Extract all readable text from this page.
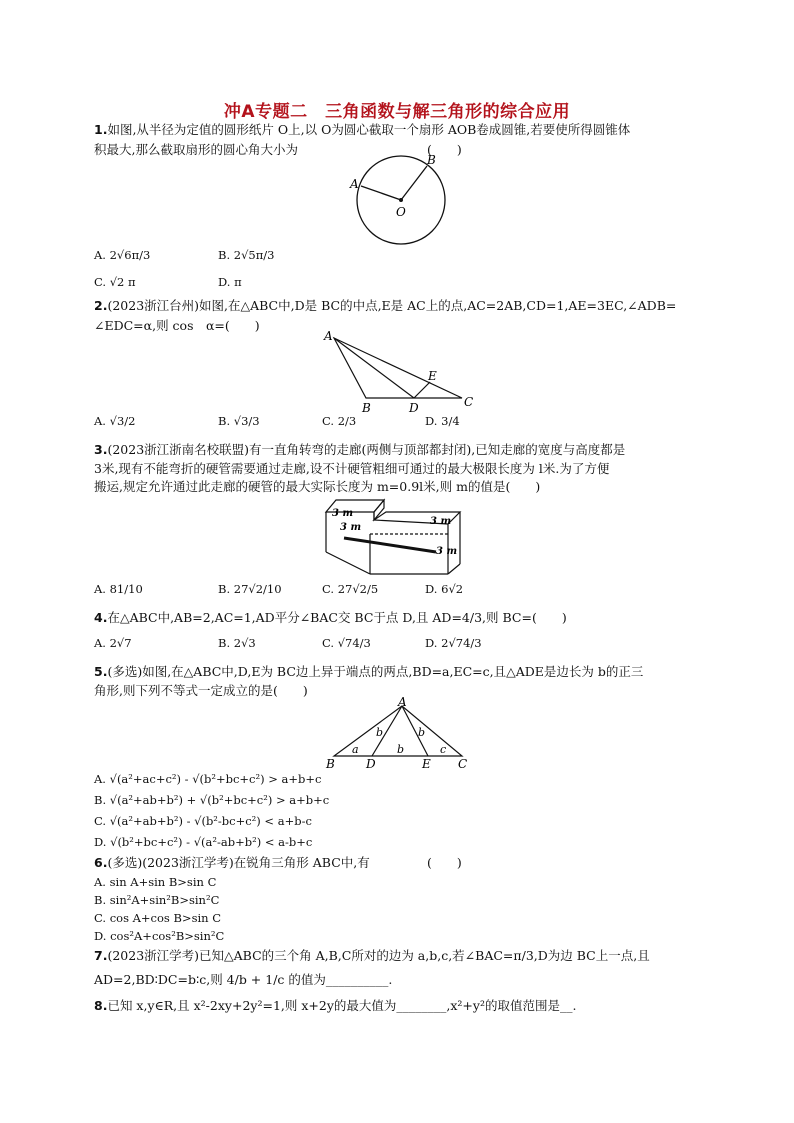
冲A专题二　三角函数与解三角形的综合应用
1.如图,从半径为定值的圆形纸片 O上,以 O为圆心截取一个扇形 AOB卷成圆锥,若要使所得圆锥体
积最大,那么截取扇形的圆心角大小为	(　　)
A
B
O
A. 2√6π/3	B. 2√5π/3
C. √2 π	D. π
2.(2023浙江台州)如图,在△ABC中,D是 BC的中点,E是 AC上的点,AC=2AB,CD=1,AE=3EC,∠ADB=
∠EDC=α,则 cos　α=(　　)
A
B	D
E
C
A. √3/2	B. √3/3	C. 2/3	D. 3/4
3.(2023浙江浙南名校联盟)有一直角转弯的走廊(两侧与顶部都封闭),已知走廊的宽度与高度都是
3米,现有不能弯折的硬管需要通过走廊,设不计硬管粗细可通过的最大极限长度为 l米.为了方便
搬运,规定允许通过此走廊的硬管的最大实际长度为 m=0.9l米,则 m的值是(　　)
3 m
3 m
3 m
3 m
A. 81/10	B. 27√2/10	C. 27√2/5	D. 6√2
4.在△ABC中,AB=2,AC=1,AD平分∠BAC交 BC于点 D,且 AD=4/3,则 BC=(　　)
A. 2√7	B. 2√3	C. √74/3	D. 2√74/3
5.(多选)如图,在△ABC中,D,E为 BC边上异于端点的两点,BD=a,EC=c,且△ADE是边长为 b的正三
角形,则下列不等式一定成立的是(　　)
A
B	D	E C
a
b
b
b
c
A. √(a²+ac+c²) - √(b²+bc+c²) > a+b+c
B. √(a²+ab+b²) + √(b²+bc+c²) > a+b+c
C. √(a²+ab+b²) - √(b²-bc+c²) < a+b-c
D. √(b²+bc+c²) - √(a²-ab+b²) < a-b+c
6.(多选)(2023浙江学考)在锐角三角形 ABC中,有	(　　)
A. sin A+sin B>sin C
B. sin²A+sin²B>sin²C
C. cos A+cos B>sin C
D. cos²A+cos²B>sin²C
7.(2023浙江学考)已知△ABC的三个角 A,B,C所对的边为 a,b,c,若∠BAC=π/3,D为边 BC上一点,且
AD=2,BD∶DC=b∶c,则 4/b + 1/c 的值为__________.
8.已知 x,y∈R,且 x²-2xy+2y²=1,则 x+2y的最大值为________,x²+y²的取值范围是__.
